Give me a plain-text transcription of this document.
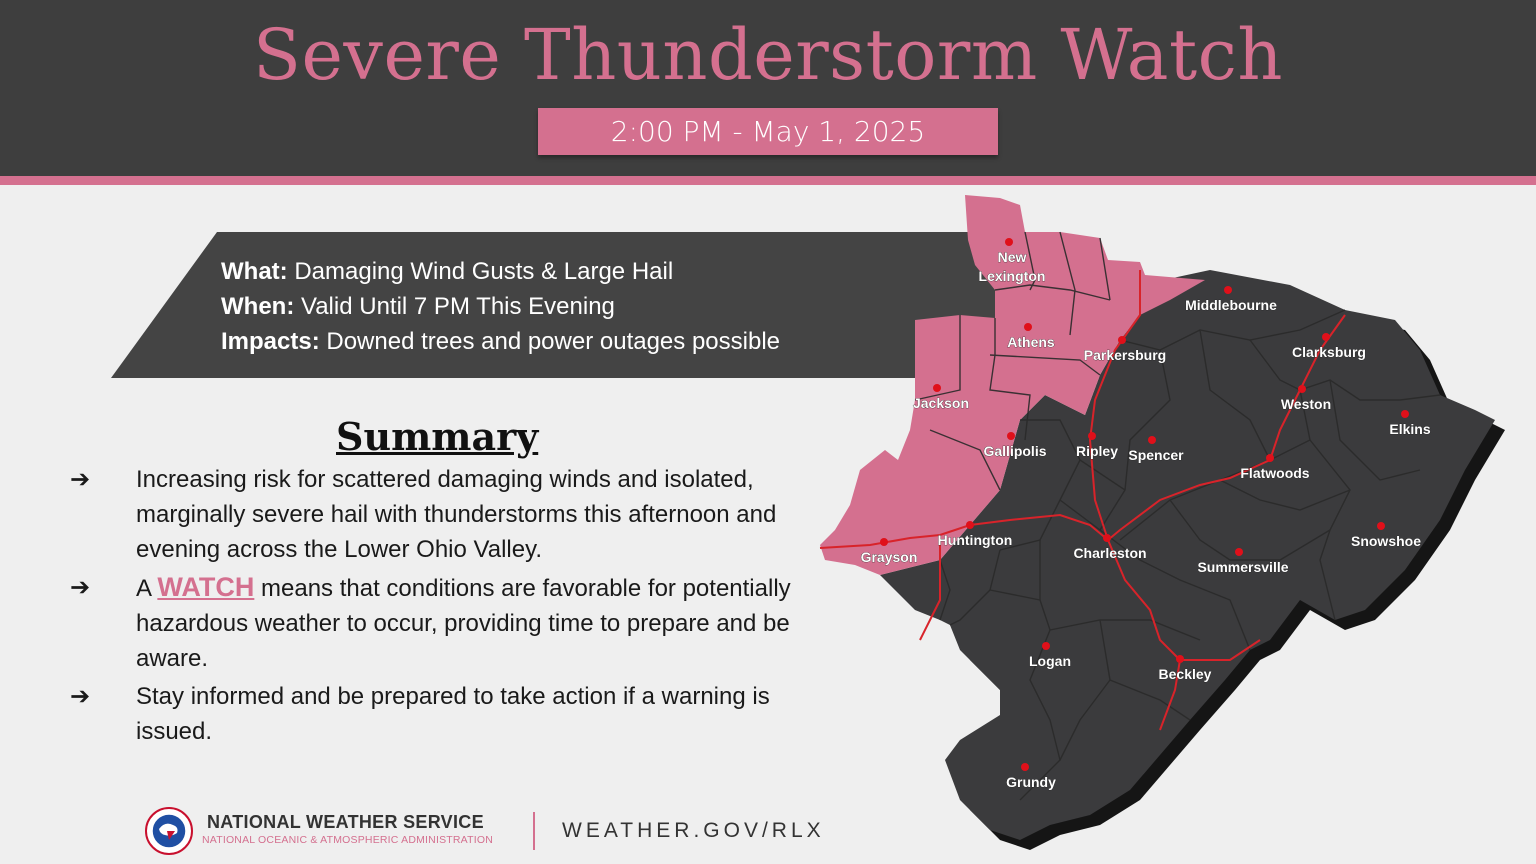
Severe Thunderstorm Watch
2:00 PM - May 1, 2025
What: Damaging Wind Gusts & Large Hail
When: Valid Until 7 PM This Evening
Impacts: Downed trees and power outages possible
Summary
➔ Increasing risk for scattered damaging winds and isolated, marginally severe hail with thunderstorms this afternoon and evening across the Lower Ohio Valley.
➔ A WATCH means that conditions are favorable for potentially hazardous weather to occur, providing time to prepare and be aware.
➔ Stay informed and be prepared to take action if a warning is issued.
New
Lexington
Athens
Parkersburg
Middlebourne
Clarksburg
Weston
Elkins
Jackson
Gallipolis Ripley Spencer
Flatwoods
Grayson
Huntington
Charleston
Summersville
Snowshoe
Logan
Beckley
Grundy
NATIONAL WEATHER SERVICE
NATIONAL OCEANIC & ATMOSPHERIC ADMINISTRATION	WEATHER.GOV/RLX
